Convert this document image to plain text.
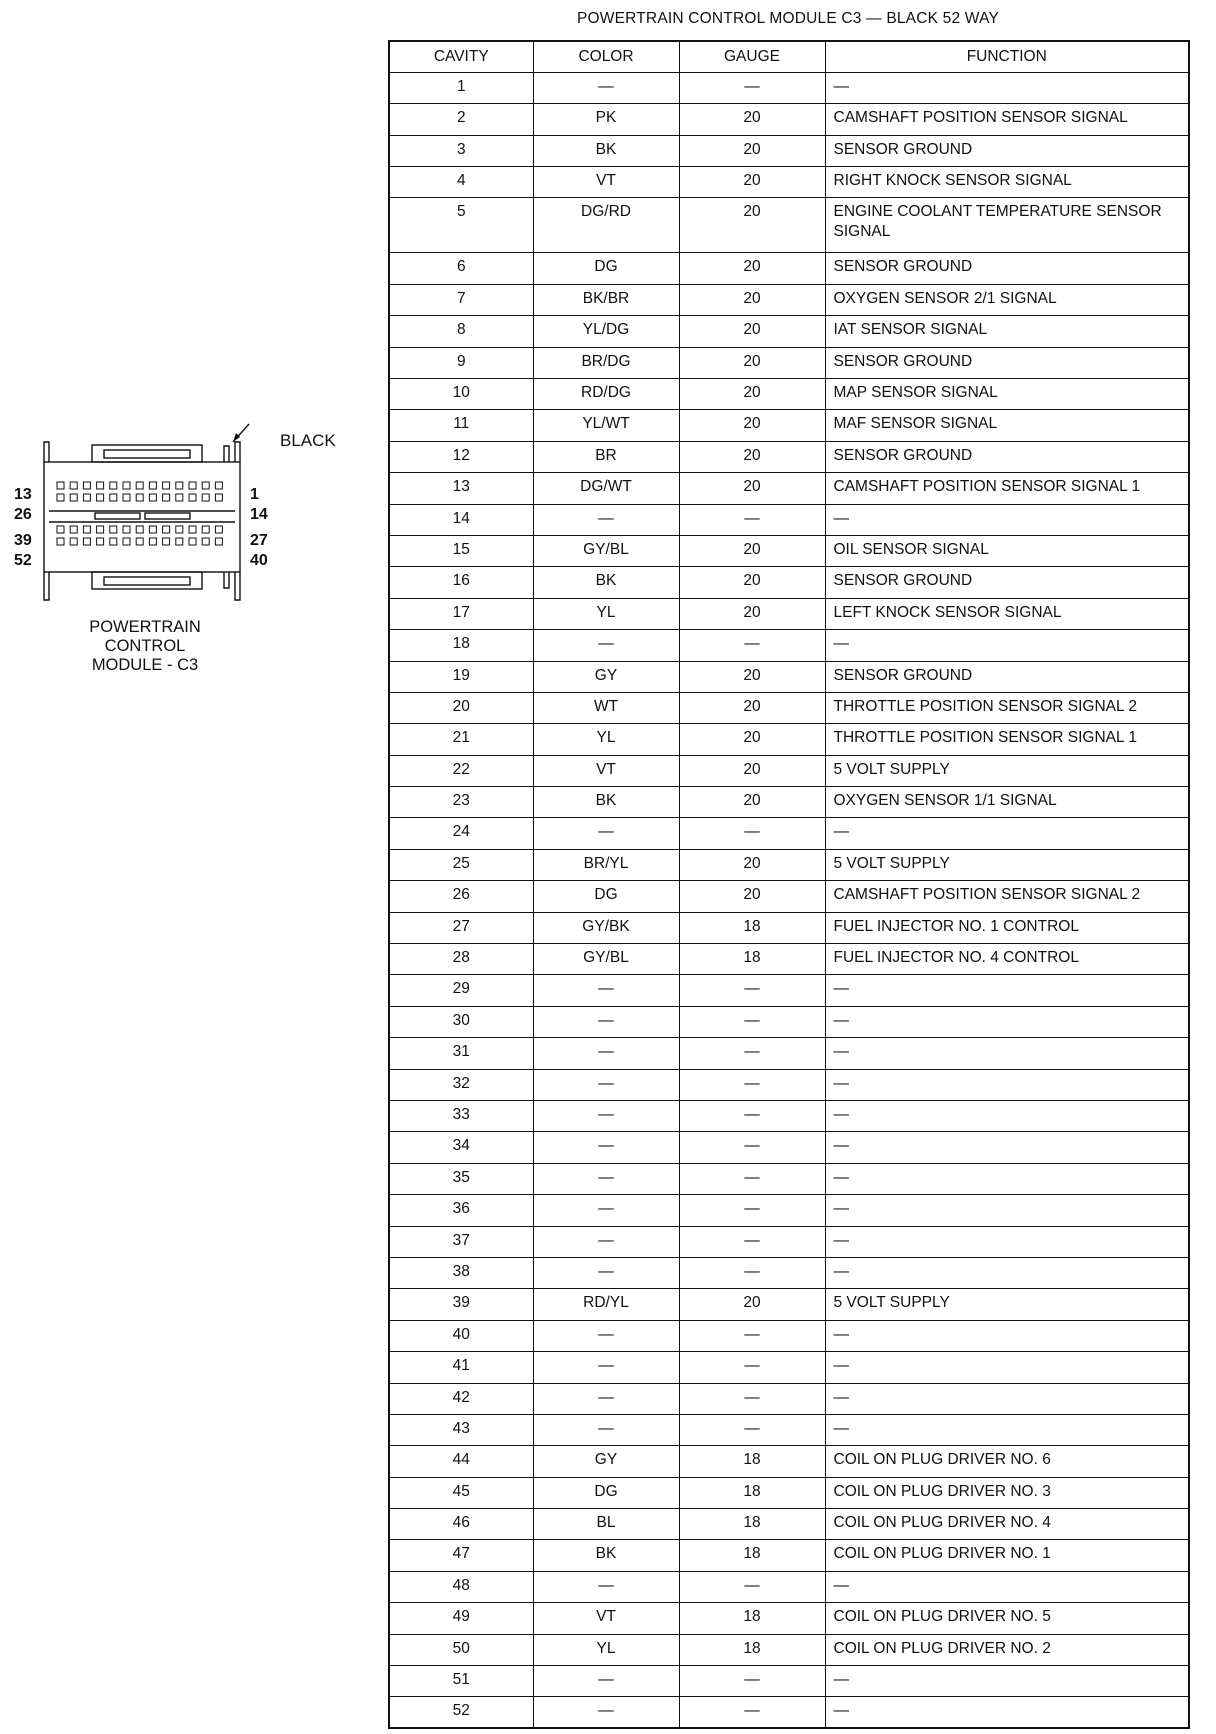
POWERTRAIN CONTROL MODULE C3 — BLACK 52 WAY
BLACK
13
26
39
52
1
14
27
40
POWERTRAIN
CONTROL
MODULE - C3
CAVITY	COLOR	GAUGE	FUNCTION
1	—	—	—
2	PK	20	CAMSHAFT POSITION SENSOR SIGNAL
3	BK	20	SENSOR GROUND
4	VT	20	RIGHT KNOCK SENSOR SIGNAL
5	DG/RD	20	ENGINE COOLANT TEMPERATURE SENSOR SIGNAL
6	DG	20	SENSOR GROUND
7	BK/BR	20	OXYGEN SENSOR 2/1 SIGNAL
8	YL/DG	20	IAT SENSOR SIGNAL
9	BR/DG	20	SENSOR GROUND
10	RD/DG	20	MAP SENSOR SIGNAL
11	YL/WT	20	MAF SENSOR SIGNAL
12	BR	20	SENSOR GROUND
13	DG/WT	20	CAMSHAFT POSITION SENSOR SIGNAL 1
14	—	—	—
15	GY/BL	20	OIL SENSOR SIGNAL
16	BK	20	SENSOR GROUND
17	YL	20	LEFT KNOCK SENSOR SIGNAL
18	—	—	—
19	GY	20	SENSOR GROUND
20	WT	20	THROTTLE POSITION SENSOR SIGNAL 2
21	YL	20	THROTTLE POSITION SENSOR SIGNAL 1
22	VT	20	5 VOLT SUPPLY
23	BK	20	OXYGEN SENSOR 1/1 SIGNAL
24	—	—	—
25	BR/YL	20	5 VOLT SUPPLY
26	DG	20	CAMSHAFT POSITION SENSOR SIGNAL 2
27	GY/BK	18	FUEL INJECTOR NO. 1 CONTROL
28	GY/BL	18	FUEL INJECTOR NO. 4 CONTROL
29	—	—	—
30	—	—	—
31	—	—	—
32	—	—	—
33	—	—	—
34	—	—	—
35	—	—	—
36	—	—	—
37	—	—	—
38	—	—	—
39	RD/YL	20	5 VOLT SUPPLY
40	—	—	—
41	—	—	—
42	—	—	—
43	—	—	—
44	GY	18	COIL ON PLUG DRIVER NO. 6
45	DG	18	COIL ON PLUG DRIVER NO. 3
46	BL	18	COIL ON PLUG DRIVER NO. 4
47	BK	18	COIL ON PLUG DRIVER NO. 1
48	—	—	—
49	VT	18	COIL ON PLUG DRIVER NO. 5
50	YL	18	COIL ON PLUG DRIVER NO. 2
51	—	—	—
52	—	—	—
